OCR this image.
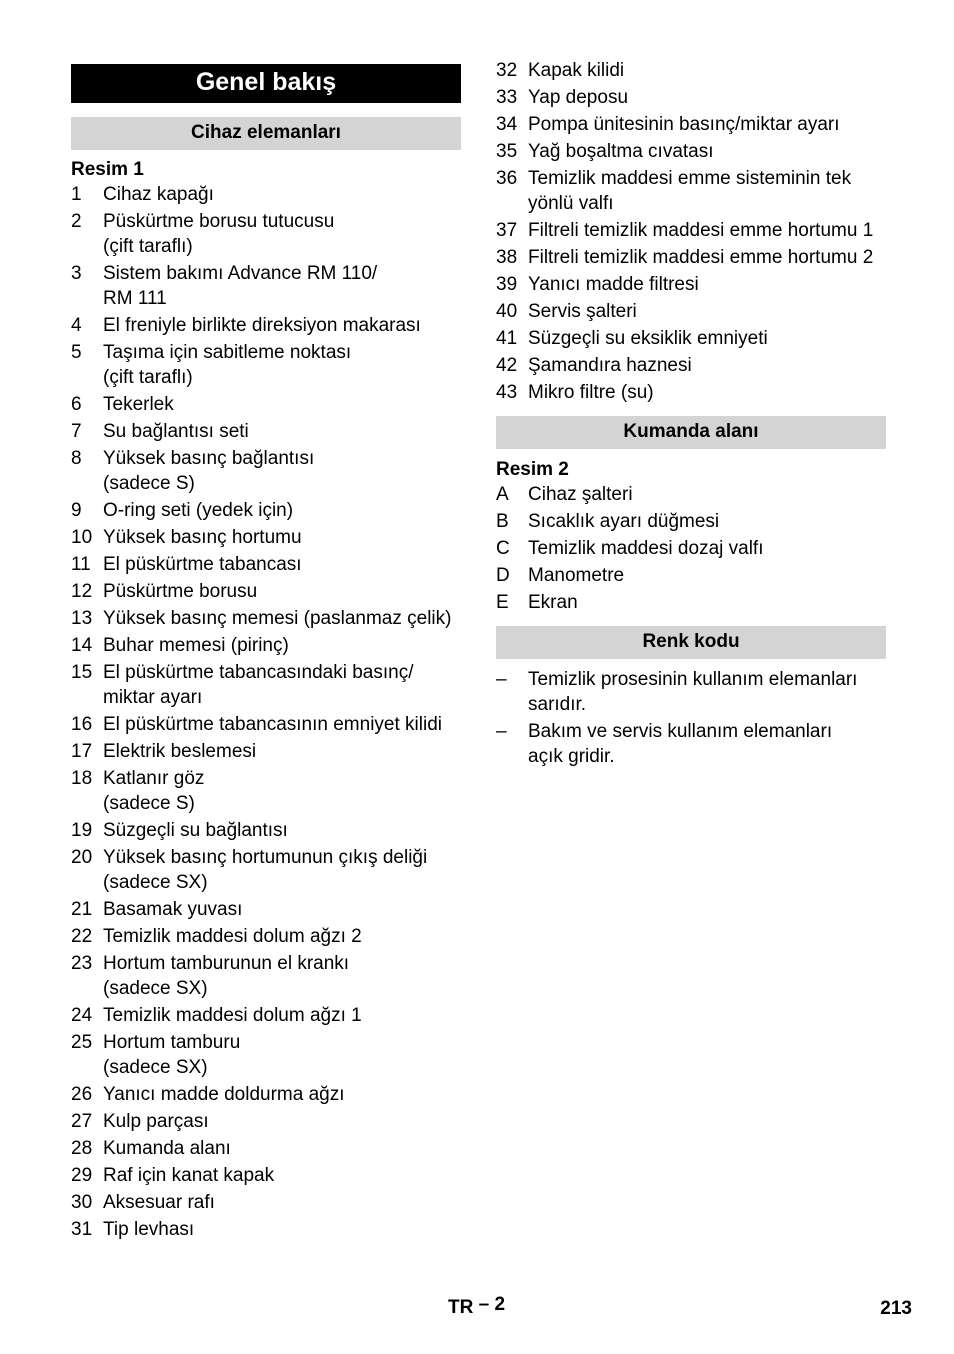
Genel bakış
Cihaz elemanları
Resim 1
1	Cihaz kapağı
2	Püskürtme borusu tutucusu
(çift taraflı)
3	Sistem bakımı Advance RM 110/
RM 111
4	El freniyle birlikte direksiyon makarası
5	Taşıma için sabitleme noktası
(çift taraflı)
6	Tekerlek
7	Su bağlantısı seti
8	Yüksek basınç bağlantısı
(sadece S)
9	O-ring seti (yedek için)
10 Yüksek basınç hortumu
11 El püskürtme tabancası
12 Püskürtme borusu
13 Yüksek basınç memesi (paslanmaz çelik)
14 Buhar memesi (pirinç)
15 El püskürtme tabancasındaki basınç/
miktar ayarı
16 El püskürtme tabancasının emniyet kilidi
17 Elektrik beslemesi
18 Katlanır göz
(sadece S)
19 Süzgeçli su bağlantısı
20 Yüksek basınç hortumunun çıkış deliği
(sadece SX)
21 Basamak yuvası
22 Temizlik maddesi dolum ağzı 2
23 Hortum tamburunun el krankı
(sadece SX)
24 Temizlik maddesi dolum ağzı 1
25 Hortum tamburu
(sadece SX)
26 Yanıcı madde doldurma ağzı
27 Kulp parçası
28 Kumanda alanı
29 Raf için kanat kapak
30 Aksesuar rafı
31 Tip levhası
32 Kapak kilidi
33 Yap deposu
34 Pompa ünitesinin basınç/miktar ayarı
35 Yağ boşaltma cıvatası
36 Temizlik maddesi emme sisteminin tek
yönlü valfı
37 Filtreli temizlik maddesi emme hortumu 1
38 Filtreli temizlik maddesi emme hortumu 2
39 Yanıcı madde filtresi
40 Servis şalteri
41 Süzgeçli su eksiklik emniyeti
42 Şamandıra haznesi
43 Mikro filtre (su)
Kumanda alanı
Resim 2
A	Cihaz şalteri
B	Sıcaklık ayarı düğmesi
C Temizlik maddesi dozaj valfı
D Manometre
E	Ekran
Renk kodu
–	Temizlik prosesinin kullanım elemanları
sarıdır.
–	Bakım ve servis kullanım elemanları
açık gridir.
TR – 2	213
